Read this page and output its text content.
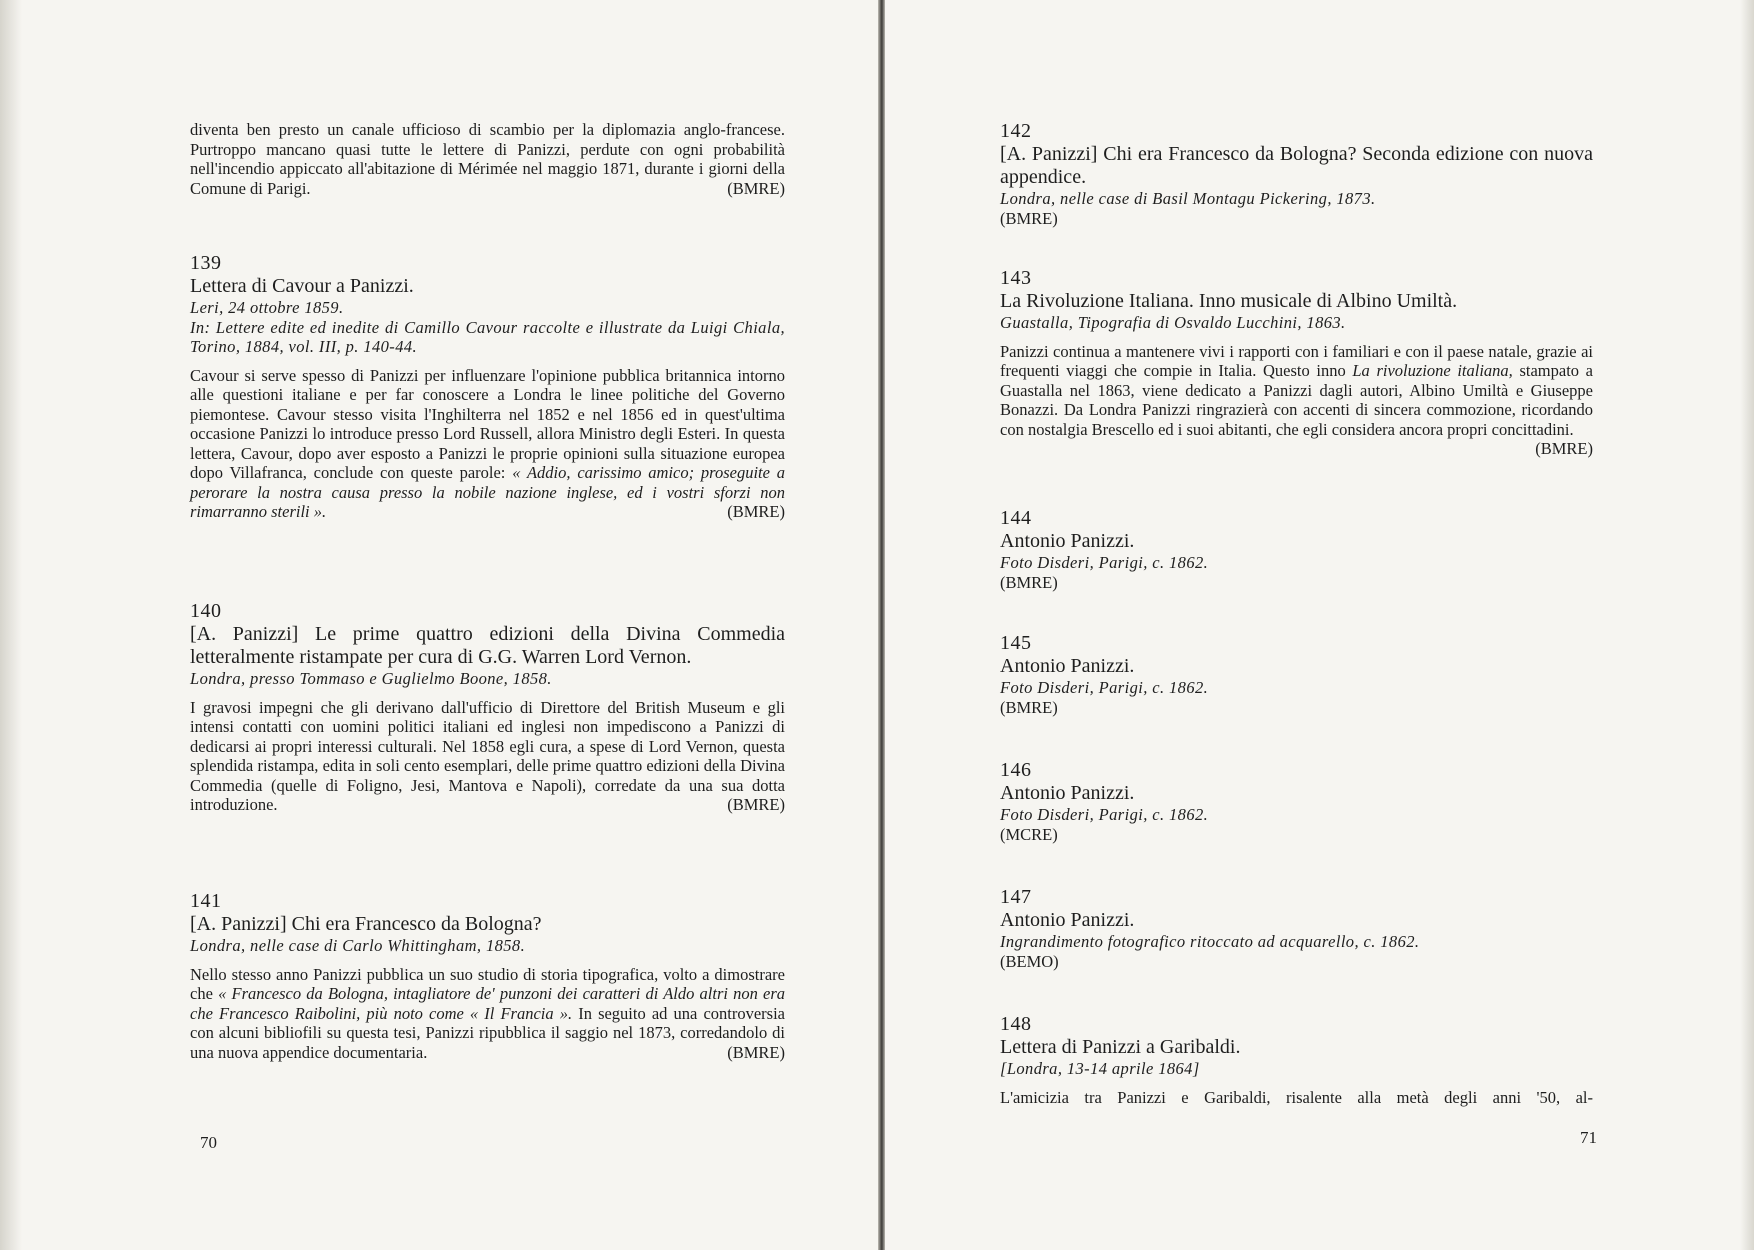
diventa ben presto un canale ufficioso di scambio per la diplomazia anglo-francese. Purtroppo mancano quasi tutte le lettere di Panizzi, perdute con ogni probabilità nell'incendio appiccato all'abitazione di Mérimée nel maggio 1871, durante i giorni della Comune di Parigi.	(BMRE)
139
Lettera di Cavour a Panizzi.
Leri, 24 ottobre 1859.
In: Lettere edite ed inedite di Camillo Cavour raccolte e illustrate da Luigi Chiala, Torino, 1884, vol. III, p. 140-44.
Cavour si serve spesso di Panizzi per influenzare l'opinione pubblica britannica intorno alle questioni italiane e per far conoscere a Londra le linee politiche del Governo piemontese. Cavour stesso visita l'Inghilterra nel 1852 e nel 1856 ed in quest'ultima occasione Panizzi lo introduce presso Lord Russell, allora Ministro degli Esteri. In questa lettera, Cavour, dopo aver esposto a Panizzi le proprie opinioni sulla situazione europea dopo Villafranca, conclude con queste parole: « Addio, carissimo amico; proseguite a perorare la nostra causa presso la nobile nazione inglese, ed i vostri sforzi non rimarranno sterili ».	(BMRE)
140
[A. Panizzi] Le prime quattro edizioni della Divina Commedia letteralmente ristampate per cura di G.G. Warren Lord Vernon.
Londra, presso Tommaso e Guglielmo Boone, 1858.
I gravosi impegni che gli derivano dall'ufficio di Direttore del British Museum e gli intensi contatti con uomini politici italiani ed inglesi non impediscono a Panizzi di dedicarsi ai propri interessi culturali. Nel 1858 egli cura, a spese di Lord Vernon, questa splendida ristampa, edita in soli cento esemplari, delle prime quattro edizioni della Divina Commedia (quelle di Foligno, Jesi, Mantova e Napoli), corredate da una sua dotta introduzione.	(BMRE)
141
[A. Panizzi] Chi era Francesco da Bologna?
Londra, nelle case di Carlo Whittingham, 1858.
Nello stesso anno Panizzi pubblica un suo studio di storia tipografica, volto a dimostrare che « Francesco da Bologna, intagliatore de' punzoni dei caratteri di Aldo altri non era che Francesco Raibolini, più noto come « Il Francia ». In seguito ad una controversia con alcuni bibliofili su questa tesi, Panizzi ripubblica il saggio nel 1873, corredandolo di una nuova appendice documentaria.	(BMRE)
70
142
[A. Panizzi] Chi era Francesco da Bologna? Seconda edizione con nuova appendice.
Londra, nelle case di Basil Montagu Pickering, 1873.
(BMRE)
143
La Rivoluzione Italiana. Inno musicale di Albino Umiltà.
Guastalla, Tipografia di Osvaldo Lucchini, 1863.
Panizzi continua a mantenere vivi i rapporti con i familiari e con il paese natale, grazie ai frequenti viaggi che compie in Italia. Questo inno La rivoluzione italiana, stampato a Guastalla nel 1863, viene dedicato a Panizzi dagli autori, Albino Umiltà e Giuseppe Bonazzi. Da Londra Panizzi ringrazierà con accenti di sincera commozione, ricordando con nostalgia Brescello ed i suoi abitanti, che egli considera ancora propri concittadini.
(BMRE)
144
Antonio Panizzi.
Foto Disderi, Parigi, c. 1862.
(BMRE)
145
Antonio Panizzi.
Foto Disderi, Parigi, c. 1862.
(BMRE)
146
Antonio Panizzi.
Foto Disderi, Parigi, c. 1862.
(MCRE)
147
Antonio Panizzi.
Ingrandimento fotografico ritoccato ad acquarello, c. 1862.
(BEMO)
148
Lettera di Panizzi a Garibaldi.
[Londra, 13-14 aprile 1864]
L'amicizia tra Panizzi e Garibaldi, risalente alla metà degli anni '50, al-
71
